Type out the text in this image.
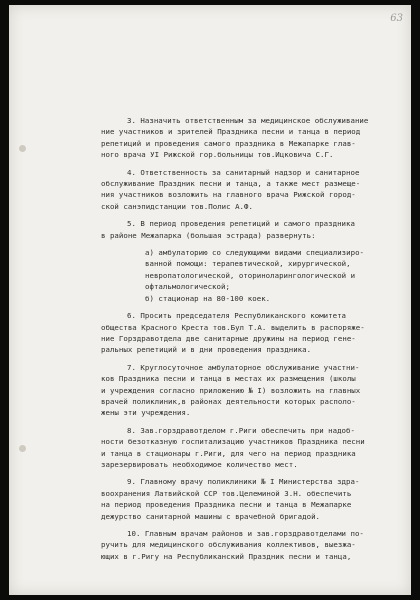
63
3. Назначить ответственным за медицинское обслуживание
ние участников и зрителей Праздника песни и танца в период
репетиций и проведения самого праздника в Межапарке глав-
ного врача УI Рижской гор.больницы тов.Ицковича С.Г.
4. Ответственность за санитарный надзор и санитарное
обслуживание Праздник песни и танца, а также мест размеще-
ния участников возложить на главного врача Рижской город-
ской санэпидстанции тов.Полис А.Ф.
5. В период проведения репетиций и самого праздника
в районе Межапарка (большая эстрада) развернуть:
а) амбулаторию со следующими видами специализиро-
ванной помощи: терапевтической, хирургической,
невропатологической, оториноларингологической и
офтальмологической;
б) стационар на 80-100 коек.
6. Просить председателя Республиканского комитета
общества Красного Креста тов.Бул Т.А. выделить в распоряже-
ние Горздравотдела две санитарные дружины на период гене-
ральных репетиций и в дни проведения праздника.
7. Круглосуточное амбулаторное обслуживание участни-
ков Праздника песни и танца в местах их размещения (школы
и учреждения согласно приложению № I) возложить на главных
врачей поликлиник,в районах деятельности которых располо-
жены эти учреждения.
8. Зав.горздравотделом г.Риги обеспечить при надоб-
ности безотказную госпитализацию участников Праздника песни
и танца в стационары г.Риги, для чего на период праздника
зарезервировать необходимое количество мест.
9. Главному врачу поликлиники № I Министерства здра-
воохранения Латвийской ССР тов.Целеминой З.Н. обеспечить
на период проведения Праздника песни и танца в Межапарке
дежурство санитарной машины с врачебной бригадой.
10. Главным врачам районов и зав.горздравотделами по-
ручить для медицинского обслуживания коллективов, выезжа-
ющих в г.Ригу на Республиканский Праздник песни и танца,
